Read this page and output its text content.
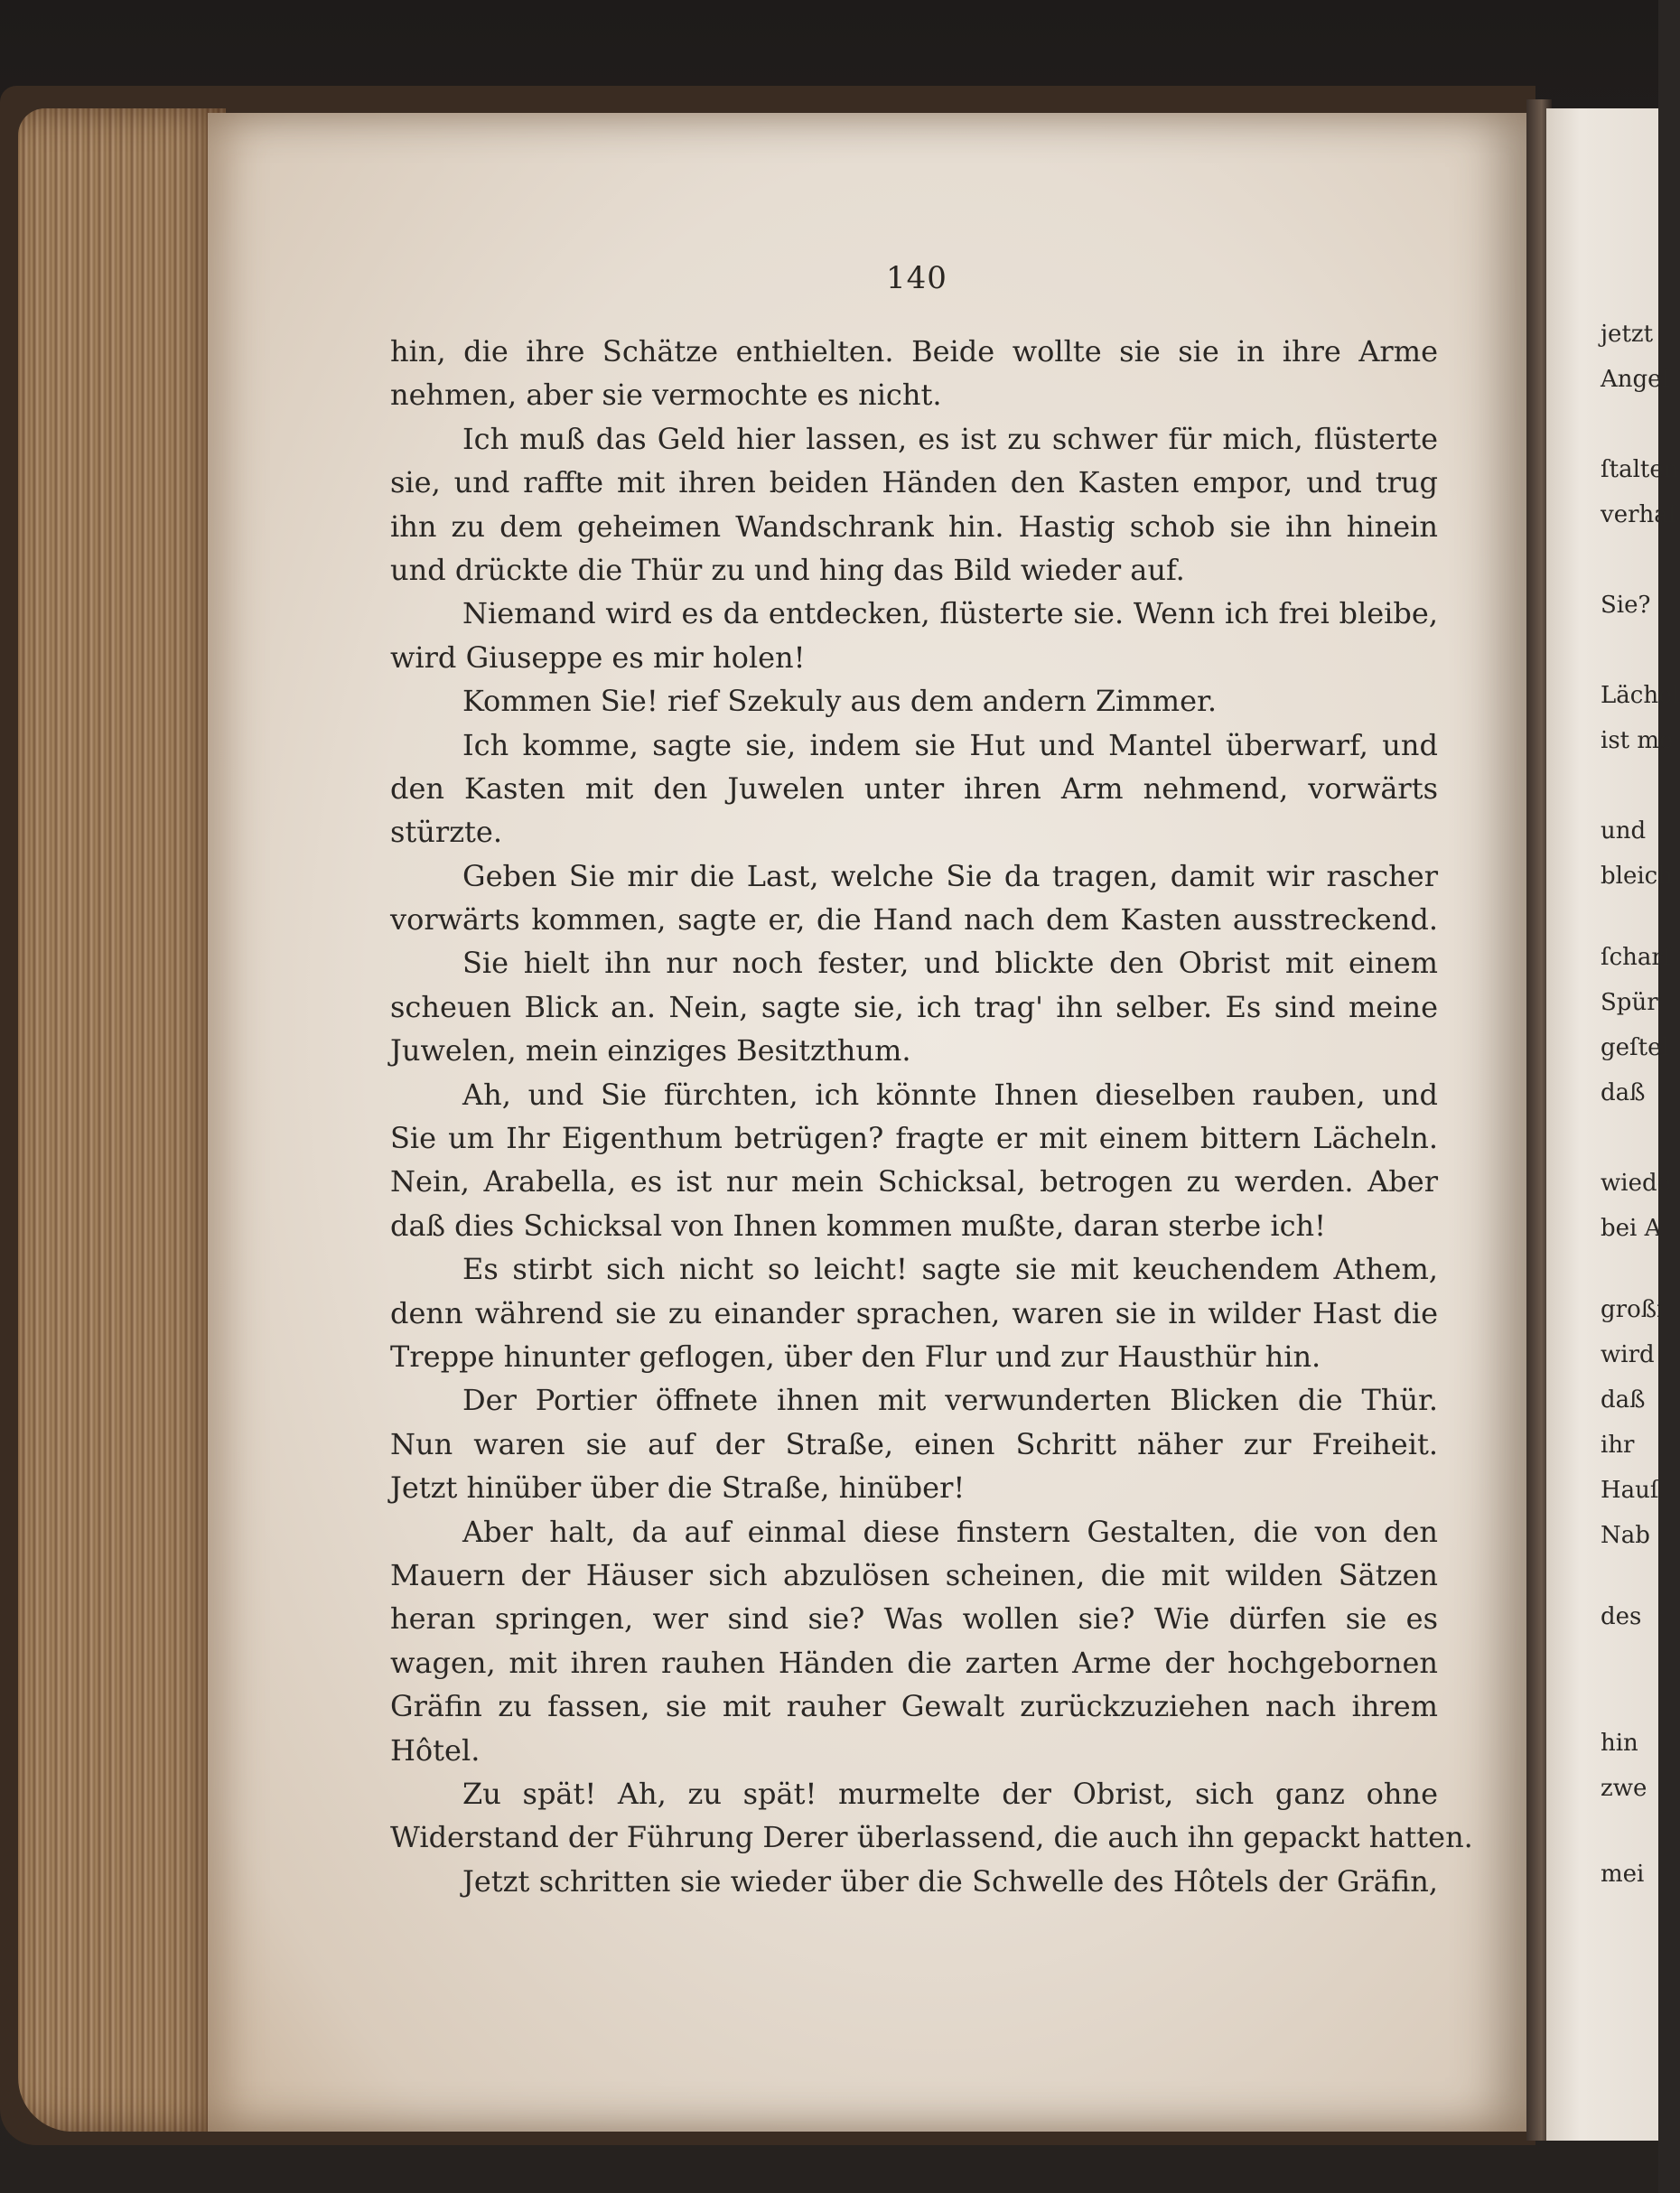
140
hin, die ihre Schätze enthielten. Beide wollte sie sie in ihre Arme
nehmen, aber sie vermochte es nicht.
Ich muß das Geld hier lassen, es ist zu schwer für mich, flüsterte
sie, und raffte mit ihren beiden Händen den Kasten empor, und trug
ihn zu dem geheimen Wandschrank hin. Hastig schob sie ihn hinein
und drückte die Thür zu und hing das Bild wieder auf.
Niemand wird es da entdecken, flüsterte sie. Wenn ich frei bleibe,
wird Giuseppe es mir holen!
Kommen Sie! rief Szekuly aus dem andern Zimmer.
Ich komme, sagte sie, indem sie Hut und Mantel überwarf, und
den Kasten mit den Juwelen unter ihren Arm nehmend, vorwärts
stürzte.
Geben Sie mir die Last, welche Sie da tragen, damit wir rascher
vorwärts kommen, sagte er, die Hand nach dem Kasten ausstreckend.
Sie hielt ihn nur noch fester, und blickte den Obrist mit einem
scheuen Blick an. Nein, sagte sie, ich trag' ihn selber. Es sind meine
Juwelen, mein einziges Besitzthum.
Ah, und Sie fürchten, ich könnte Ihnen dieselben rauben, und
Sie um Ihr Eigenthum betrügen? fragte er mit einem bittern Lächeln.
Nein, Arabella, es ist nur mein Schicksal, betrogen zu werden. Aber
daß dies Schicksal von Ihnen kommen mußte, daran sterbe ich!
Es stirbt sich nicht so leicht! sagte sie mit keuchendem Athem,
denn während sie zu einander sprachen, waren sie in wilder Hast die
Treppe hinunter geflogen, über den Flur und zur Hausthür hin.
Der Portier öffnete ihnen mit verwunderten Blicken die Thür.
Nun waren sie auf der Straße, einen Schritt näher zur Freiheit.
Jetzt hinüber über die Straße, hinüber!
Aber halt, da auf einmal diese finstern Gestalten, die von den
Mauern der Häuser sich abzulösen scheinen, die mit wilden Sätzen
heran springen, wer sind sie? Was wollen sie? Wie dürfen sie es
wagen, mit ihren rauhen Händen die zarten Arme der hochgebornen
Gräfin zu fassen, sie mit rauher Gewalt zurückzuziehen nach ihrem
Hôtel.
Zu spät! Ah, zu spät! murmelte der Obrist, sich ganz ohne
Widerstand der Führung Derer überlassend, die auch ihn gepackt hatten.
Jetzt schritten sie wieder über die Schwelle des Hôtels der Gräfin,
jetzt
Angeſ
ſtalten
verhaf
Sie?
Lächel
ist me
und
bleich
ſcharf
Spür
geſtel
daß
wiede
bei A
großi
wird
daß
ihr
Hauſ
Nab
des
hin
zwe
mei
